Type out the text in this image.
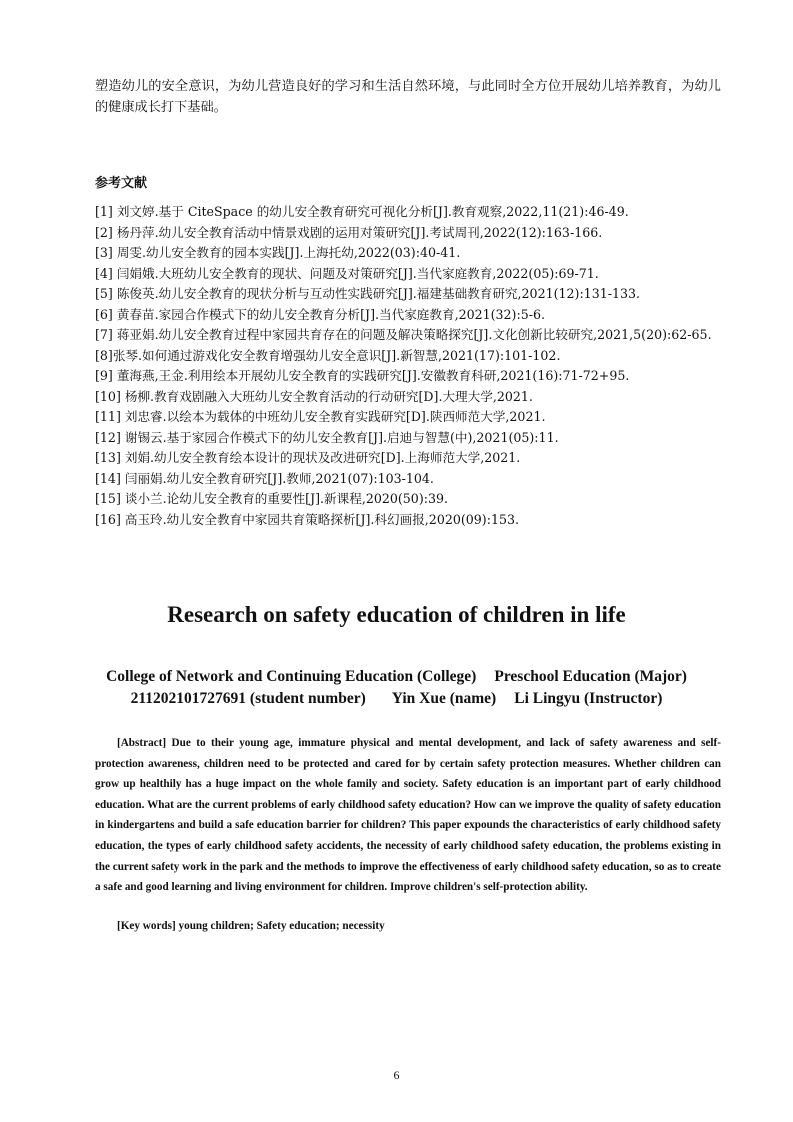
塑造幼儿的安全意识，为幼儿营造良好的学习和生活自然环境，与此同时全方位开展幼儿培养教育，为幼儿的健康成长打下基础。

参考文献
[1] 刘文婷.基于 CiteSpace 的幼儿安全教育研究可视化分析[J].教育观察,2022,11(21):46-49.
[2] 杨丹萍.幼儿安全教育活动中情景戏剧的运用对策研究[J].考试周刊,2022(12):163-166.
[3] 周雯.幼儿安全教育的园本实践[J].上海托幼,2022(03):40-41.
[4] 闫娟娥.大班幼儿安全教育的现状、问题及对策研究[J].当代家庭教育,2022(05):69-71.
[5] 陈俊英.幼儿安全教育的现状分析与互动性实践研究[J].福建基础教育研究,2021(12):131-133.
[6] 黄春苗.家园合作模式下的幼儿安全教育分析[J].当代家庭教育,2021(32):5-6.
[7] 蒋亚娟.幼儿安全教育过程中家园共育存在的问题及解决策略探究[J].文化创新比较研究,2021,5(20):62-65.
[8]张琴.如何通过游戏化安全教育增强幼儿安全意识[J].新智慧,2021(17):101-102.
[9] 董海燕,王金.利用绘本开展幼儿安全教育的实践研究[J].安徽教育科研,2021(16):71-72+95.
[10] 杨柳.教育戏剧融入大班幼儿安全教育活动的行动研究[D].大理大学,2021.
[11] 刘忠睿.以绘本为载体的中班幼儿安全教育实践研究[D].陕西师范大学,2021.
[12] 谢锡云.基于家园合作模式下的幼儿安全教育[J].启迪与智慧(中),2021(05):11.
[13] 刘娟.幼儿安全教育绘本设计的现状及改进研究[D].上海师范大学,2021.
[14] 闫丽娟.幼儿安全教育研究[J].教师,2021(07):103-104.
[15] 谈小兰.论幼儿安全教育的重要性[J].新课程,2020(50):39.
[16] 高玉玲.幼儿安全教育中家园共育策略探析[J].科幻画报,2020(09):153.
Research on safety education of children in life
College of Network and Continuing Education (College) Preschool Education (Major)
211202101727691 (student number) Yin Xue (name) Li Lingyu (Instructor)

[Abstract] Due to their young age, immature physical and mental development, and lack of safety awareness and self-protection awareness, children need to be protected and cared for by certain safety protection measures. Whether children can grow up healthily has a huge impact on the whole family and society. Safety education is an important part of early childhood education. What are the current problems of early childhood safety education? How can we improve the quality of safety education in kindergartens and build a safe education barrier for children? This paper expounds the characteristics of early childhood safety education, the types of early childhood safety accidents, the necessity of early childhood safety education, the problems existing in the current safety work in the park and the methods to improve the effectiveness of early childhood safety education, so as to create a safe and good learning and living environment for children. Improve children's self-protection ability.

[Key words] young children; Safety education; necessity
6
